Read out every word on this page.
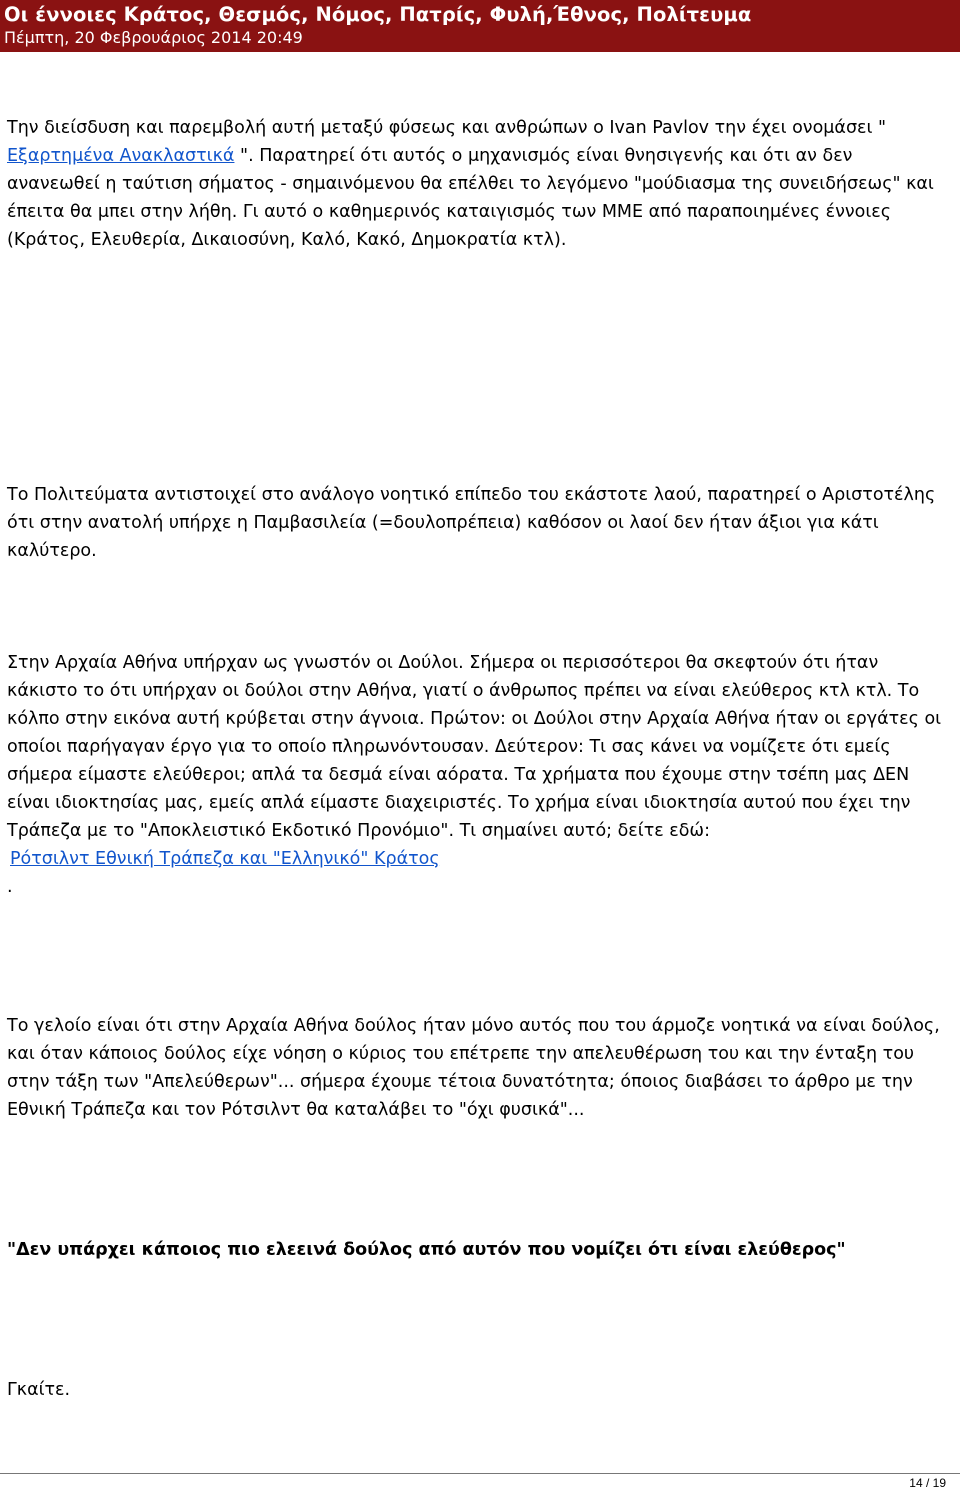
Οι έννοιες Κράτος, Θεσμός, Νόμος, Πατρίς, Φυλή,Έθνος, Πολίτευμα
Πέμπτη, 20 Φεβρουάριος 2014 20:49

Την διείσδυση και παρεμβολή αυτή μεταξύ φύσεως και ανθρώπων ο Ivan Pavlov την έχει ονομάσει " Εξαρτημένα Ανακλαστικά ". Παρατηρεί ότι αυτός ο μηχανισμός είναι θνησιγενής και ότι αν δεν ανανεωθεί η ταύτιση σήματος - σημαινόμενου θα επέλθει το λεγόμενο "μούδιασμα της συνειδήσεως" και έπειτα θα μπει στην λήθη. Γι αυτό ο καθημερινός καταιγισμός των ΜΜΕ από παραποιημένες έννοιες (Κράτος, Ελευθερία, Δικαιοσύνη, Καλό, Κακό, Δημοκρατία κτλ).

Το Πολιτεύματα αντιστοιχεί στο ανάλογο νοητικό επίπεδο του εκάστοτε λαού, παρατηρεί ο Αριστοτέλης ότι στην ανατολή υπήρχε η Παμβασιλεία (=δουλοπρέπεια) καθόσον οι λαοί δεν ήταν άξιοι για κάτι καλύτερο.

Στην Αρχαία Αθήνα υπήρχαν ως γνωστόν οι Δούλοι. Σήμερα οι περισσότεροι θα σκεφτούν ότι ήταν κάκιστο το ότι υπήρχαν οι δούλοι στην Αθήνα, γιατί ο άνθρωπος πρέπει να είναι ελεύθερος κτλ κτλ. Το κόλπο στην εικόνα αυτή κρύβεται στην άγνοια. Πρώτον: οι Δούλοι στην Αρχαία Αθήνα ήταν οι εργάτες οι οποίοι παρήγαγαν έργο για το οποίο πληρωνόντουσαν. Δεύτερον: Τι σας κάνει να νομίζετε ότι εμείς σήμερα είμαστε ελεύθεροι; απλά τα δεσμά είναι αόρατα. Τα χρήματα που έχουμε στην τσέπη μας ΔΕΝ είναι ιδιοκτησίας μας, εμείς απλά είμαστε διαχειριστές. Το χρήμα είναι ιδιοκτησία αυτού που έχει την Τράπεζα με το "Αποκλειστικό Εκδοτικό Προνόμιο". Τι σημαίνει αυτό; δείτε εδώ:
Ρότσιλντ Εθνική Τράπεζα και "Ελληνικό" Κράτος
.

Το γελοίο είναι ότι στην Αρχαία Αθήνα δούλος ήταν μόνο αυτός που του άρμοζε νοητικά να είναι δούλος, και όταν κάποιος δούλος είχε νόηση ο κύριος του επέτρεπε την απελευθέρωση του και την ένταξη του στην τάξη των "Απελεύθερων"... σήμερα έχουμε τέτοια δυνατότητα; όποιος διαβάσει το άρθρο με την Εθνική Τράπεζα και τον Ρότσιλντ θα καταλάβει το "όχι φυσικά"...

"Δεν υπάρχει κάποιος πιο ελεεινά δούλος από αυτόν που νομίζει ότι είναι ελεύθερος"

Γκαίτε.

14 / 19
